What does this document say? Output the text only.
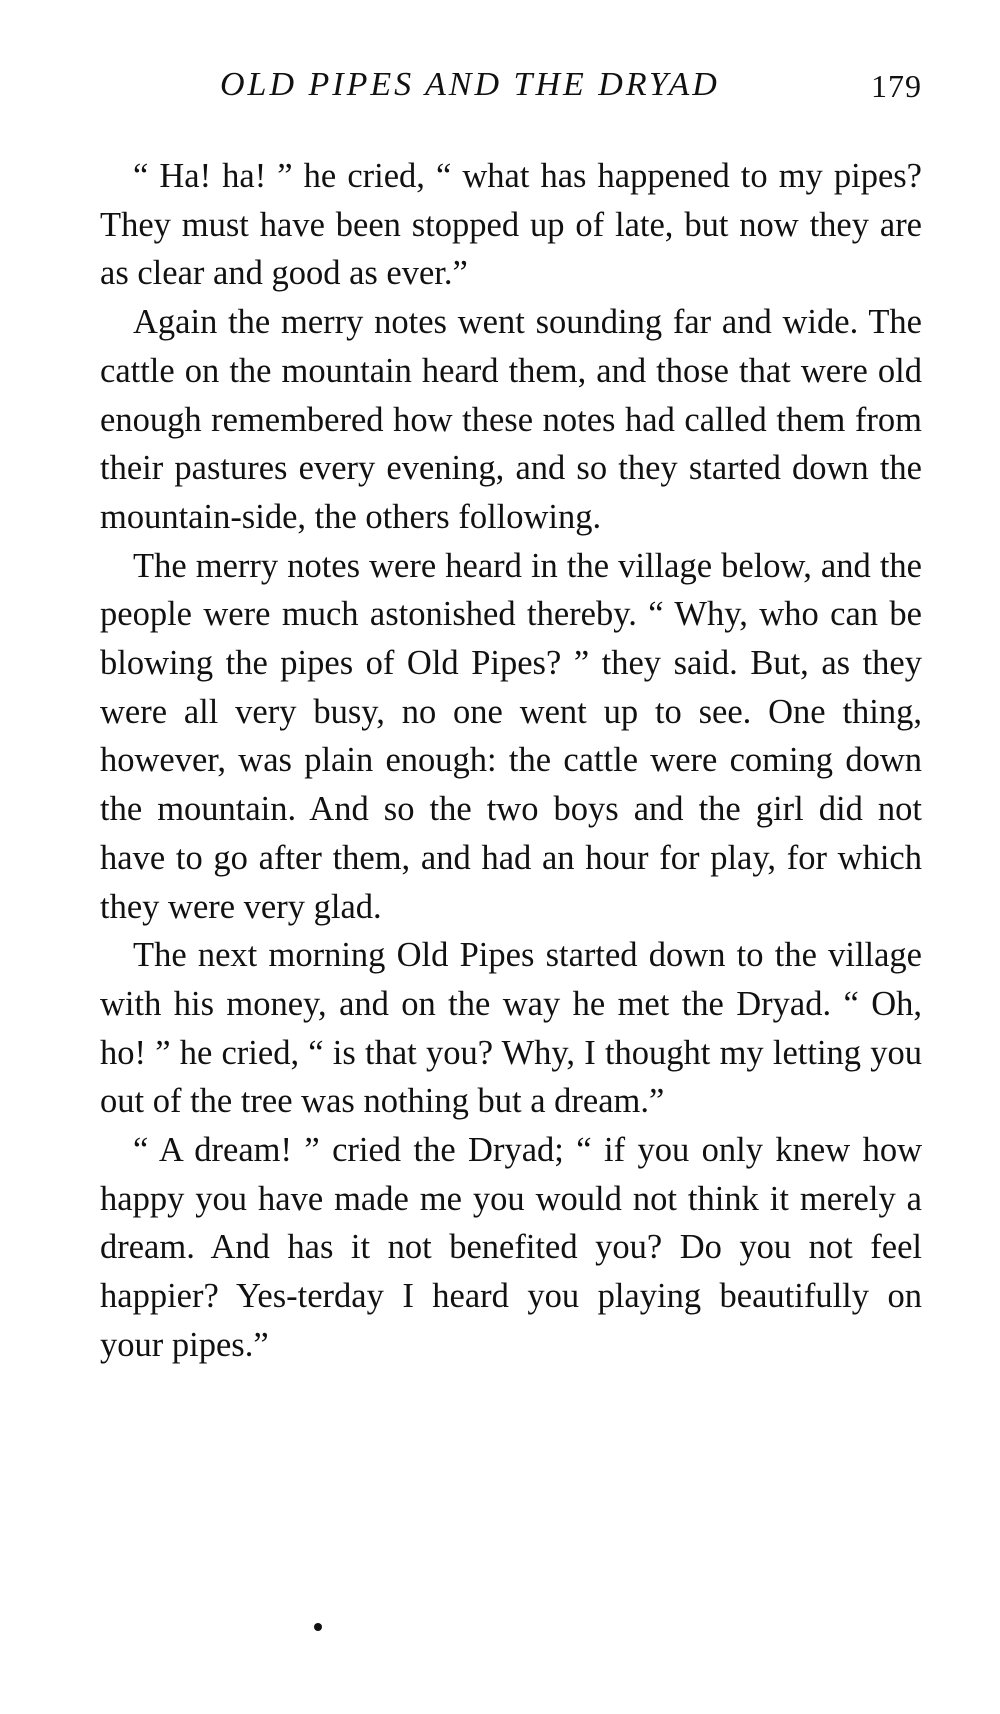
OLD PIPES AND THE DRYAD	179

“ Ha! ha! ” he cried, “ what has happened to my pipes? They must have been stopped up of late, but now they are as clear and good as ever.”

Again the merry notes went sounding far and wide. The cattle on the mountain heard them, and those that were old enough remembered how these notes had called them from their pastures every evening, and so they started down the mountain-side, the others following.

The merry notes were heard in the village below, and the people were much astonished thereby. “ Why, who can be blowing the pipes of Old Pipes? ” they said. But, as they were all very busy, no one went up to see. One thing, however, was plain enough: the cattle were coming down the mountain. And so the two boys and the girl did not have to go after them, and had an hour for play, for which they were very glad.

The next morning Old Pipes started down to the village with his money, and on the way he met the Dryad. “ Oh, ho! ” he cried, “ is that you? Why, I thought my letting you out of the tree was nothing but a dream.”

“ A dream! ” cried the Dryad; “ if you only knew how happy you have made me you would not think it merely a dream. And has it not benefited you? Do you not feel happier? Yes-terday I heard you playing beautifully on your pipes.”
